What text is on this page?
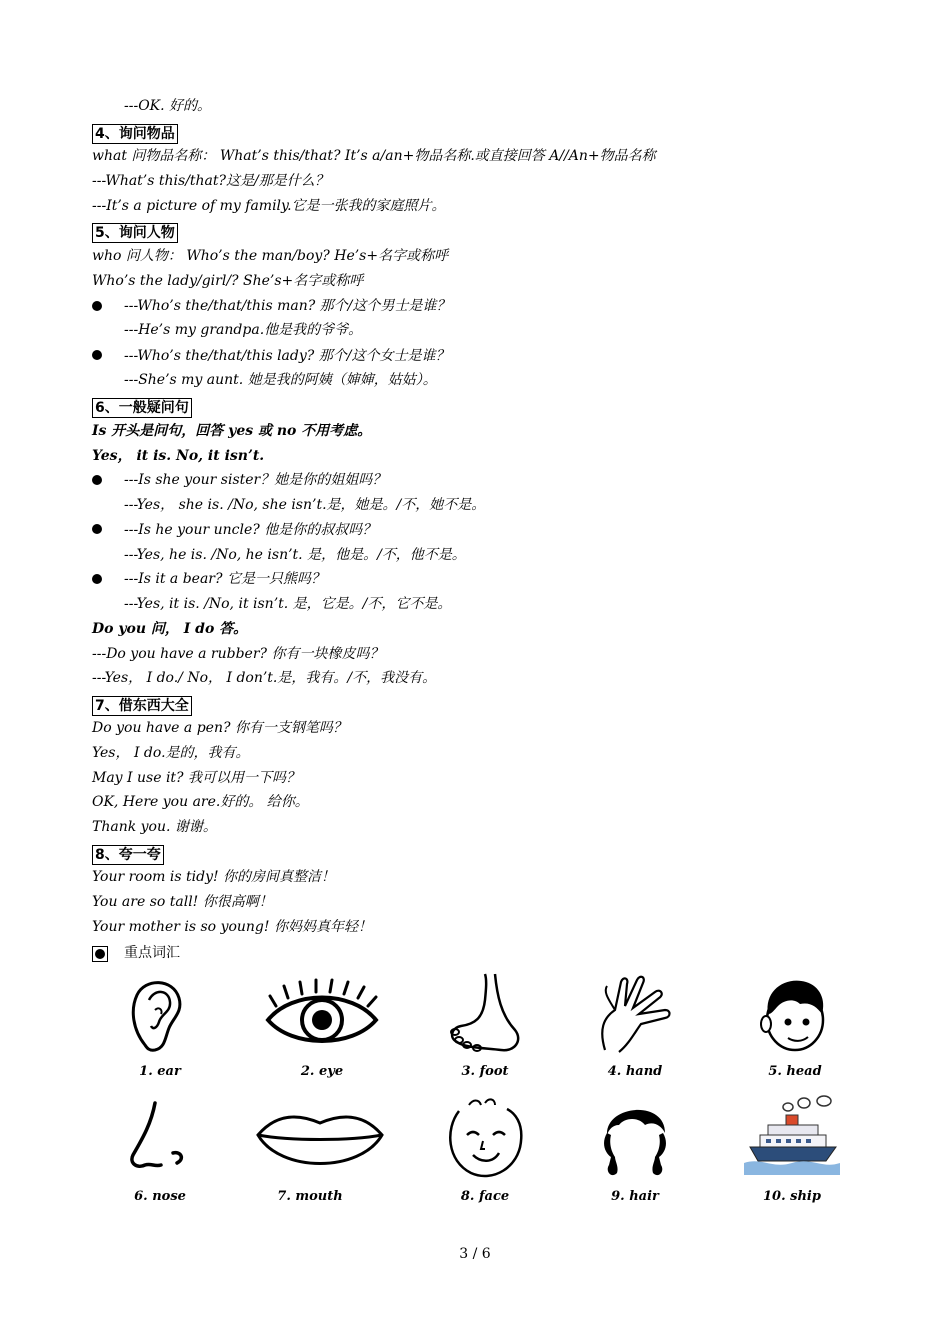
---OK. 好的。
4、询问物品
what 问物品名称： What’s this/that? It’s a/an+物品名称.或直接回答 A//An+物品名称
---What’s this/that?这是/那是什么？
---It’s a picture of my family.它是一张我的家庭照片。
5、询问人物
who 问人物： Who’s the man/boy? He’s+名字或称呼
Who’s the lady/girl/? She’s+名字或称呼
---Who’s the/that/this man? 那个/这个男士是谁？
---He’s my grandpa.他是我的爷爷。
---Who’s the/that/this lady? 那个/这个女士是谁？
---She’s my aunt. 她是我的阿姨（婶婶，姑姑）。
6、一般疑问句
Is 开头是问句，回答 yes 或 no 不用考虑。
Yes， it is. No, it isn’t.
---Is she your sister？她是你的姐姐吗？
---Yes， she is. /No, she isn’t.是，她是。/不，她不是。
---Is he your uncle? 他是你的叔叔吗？
---Yes, he is. /No, he isn’t. 是，他是。/不，他不是。
---Is it a bear? 它是一只熊吗？
---Yes, it is. /No, it isn’t. 是，它是。/不，它不是。
Do you 问， I do 答。
---Do you have a rubber? 你有一块橡皮吗？
---Yes， I do./ No， I don’t.是，我有。/不，我没有。
7、借东西大全
Do you have a pen? 你有一支钢笔吗？
Yes， I do.是的，我有。
May I use it? 我可以用一下吗？
OK, Here you are.好的。 给你。
Thank you. 谢谢。
8、夸一夸
Your room is tidy! 你的房间真整洁！
You are so tall! 你很高啊！
Your mother is so young! 你妈妈真年轻！
重点词汇
1. ear	2. eye	3. foot	4. hand	5. head
6. nose	7. mouth	8. face	9. hair	10. ship
3 / 6
